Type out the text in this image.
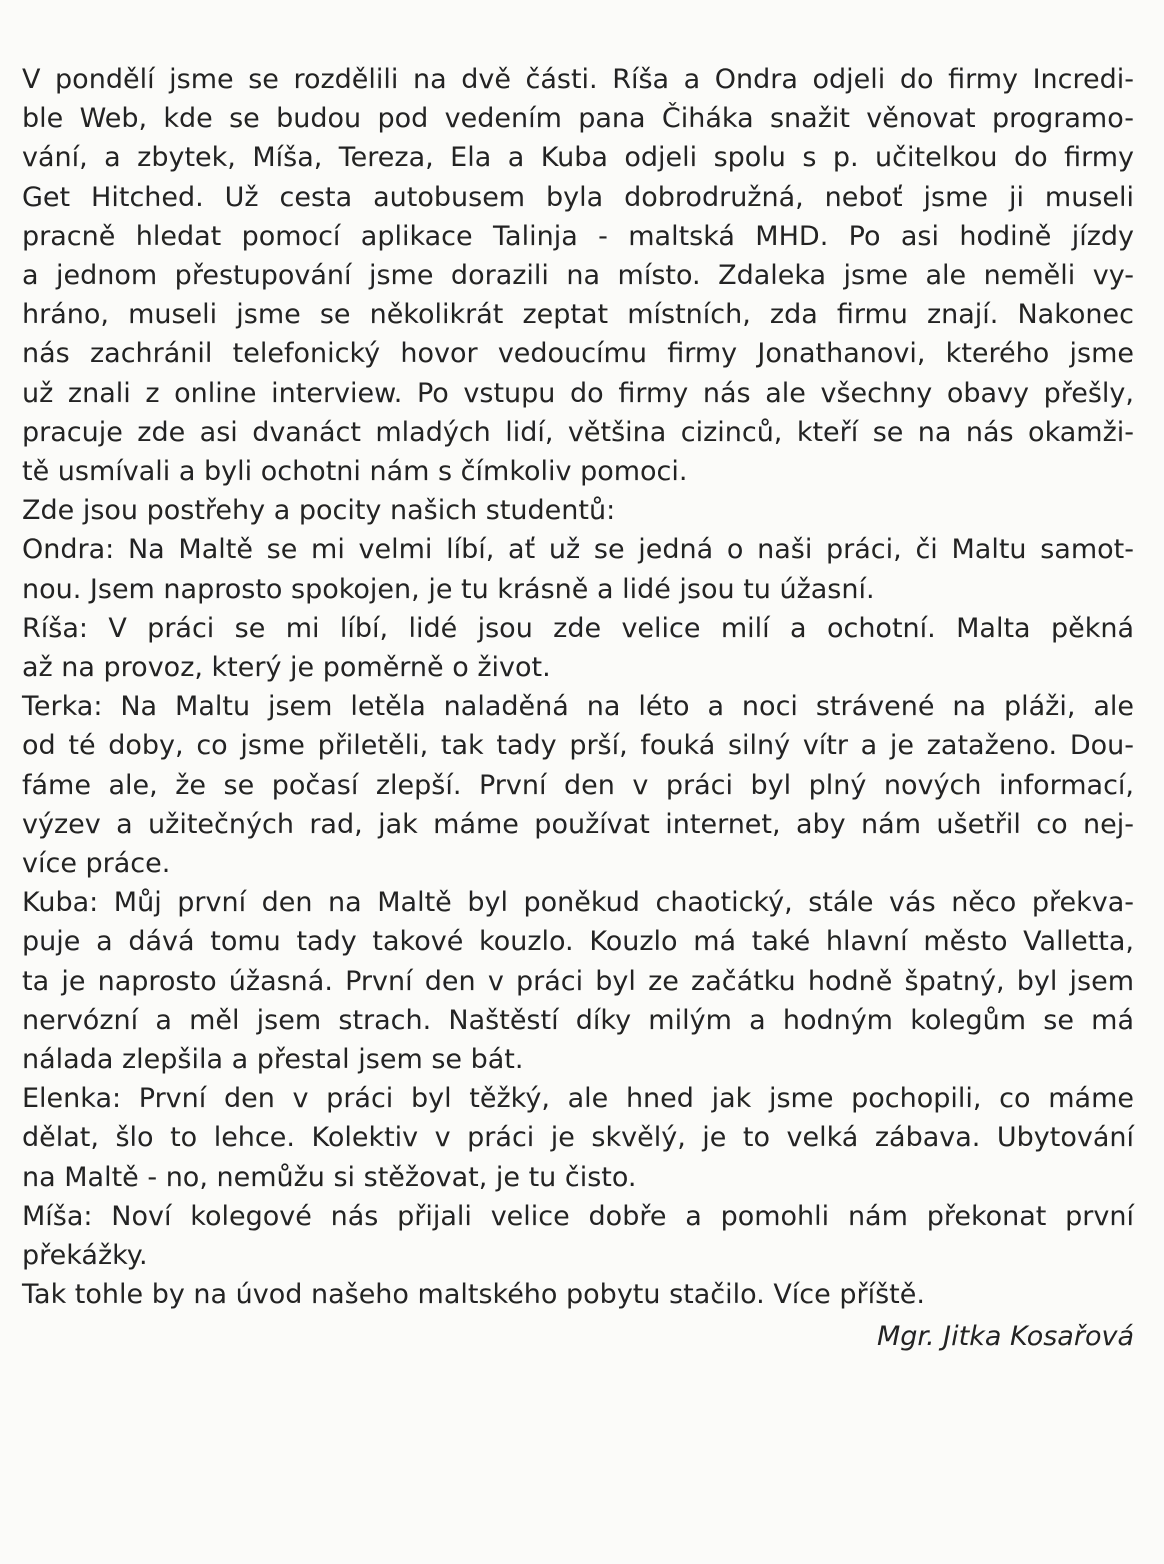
V pondělí jsme se rozdělili na dvě části. Ríša a Ondra odjeli do firmy Incredi-
ble Web, kde se budou pod vedením pana Čiháka snažit věnovat programo-
vání, a zbytek, Míša, Tereza, Ela a Kuba odjeli spolu s p. učitelkou do firmy
Get Hitched. Už cesta autobusem byla dobrodružná, neboť jsme ji museli
pracně hledat pomocí aplikace Talinja - maltská MHD. Po asi hodině jízdy
a jednom přestupování jsme dorazili na místo. Zdaleka jsme ale neměli vy-
hráno, museli jsme se několikrát zeptat místních, zda firmu znají. Nakonec
nás zachránil telefonický hovor vedoucímu firmy Jonathanovi, kterého jsme
už znali z online interview. Po vstupu do firmy nás ale všechny obavy přešly,
pracuje zde asi dvanáct mladých lidí, většina cizinců, kteří se na nás okamži-
tě usmívali a byli ochotni nám s čímkoliv pomoci.
Zde jsou postřehy a pocity našich studentů:
Ondra: Na Maltě se mi velmi líbí, ať už se jedná o naši práci, či Maltu samot-
nou. Jsem naprosto spokojen, je tu krásně a lidé jsou tu úžasní.
Ríša: V práci se mi líbí, lidé jsou zde velice milí a ochotní. Malta pěkná
až na provoz, který je poměrně o život.
Terka: Na Maltu jsem letěla naladěná na léto a noci strávené na pláži, ale
od té doby, co jsme přiletěli, tak tady prší, fouká silný vítr a je zataženo. Dou-
fáme ale, že se počasí zlepší. První den v práci byl plný nových informací,
výzev a užitečných rad, jak máme používat internet, aby nám ušetřil co nej-
více práce.
Kuba: Můj první den na Maltě byl poněkud chaotický, stále vás něco překva-
puje a dává tomu tady takové kouzlo. Kouzlo má také hlavní město Valletta,
ta je naprosto úžasná. První den v práci byl ze začátku hodně špatný, byl jsem
nervózní a měl jsem strach. Naštěstí díky milým a hodným kolegům se má
nálada zlepšila a přestal jsem se bát.
Elenka: První den v práci byl těžký, ale hned jak jsme pochopili, co máme
dělat, šlo to lehce. Kolektiv v práci je skvělý, je to velká zábava. Ubytování
na Maltě - no, nemůžu si stěžovat, je tu čisto.
Míša: Noví kolegové nás přijali velice dobře a pomohli nám překonat první
překážky.
Tak tohle by na úvod našeho maltského pobytu stačilo. Více příště.
Mgr. Jitka Kosařová
